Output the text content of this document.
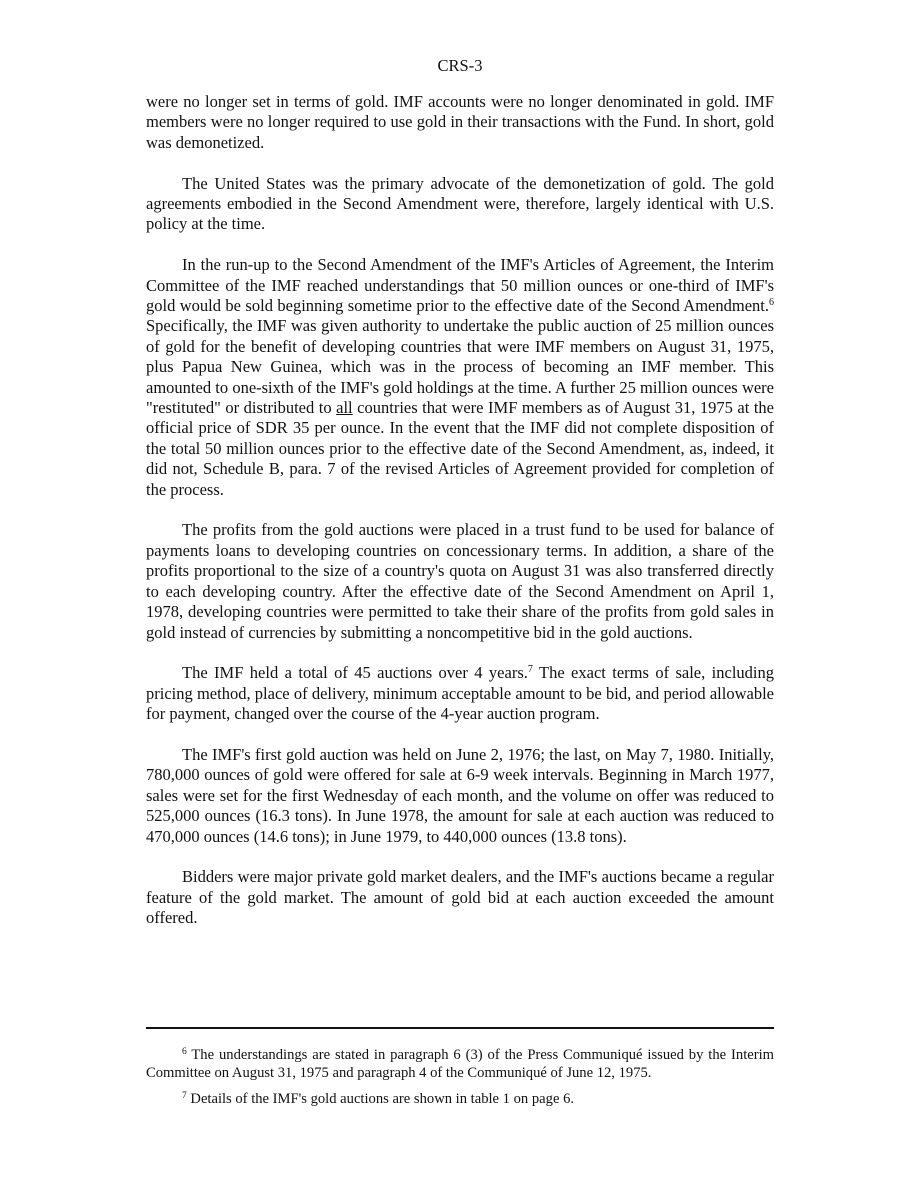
CRS-3

were no longer set in terms of gold. IMF accounts were no longer denominated in gold. IMF members were no longer required to use gold in their transactions with the Fund. In short, gold was demonetized.

The United States was the primary advocate of the demonetization of gold. The gold agreements embodied in the Second Amendment were, therefore, largely identical with U.S. policy at the time.

In the run-up to the Second Amendment of the IMF's Articles of Agreement, the Interim Committee of the IMF reached understandings that 50 million ounces or one-third of IMF's gold would be sold beginning sometime prior to the effective date of the Second Amendment.$^6$ Specifically, the IMF was given authority to undertake the public auction of 25 million ounces of gold for the benefit of developing countries that were IMF members on August 31, 1975, plus Papua New Guinea, which was in the process of becoming an IMF member. This amounted to one-sixth of the IMF's gold holdings at the time. A further 25 million ounces were "restituted" or distributed to all countries that were IMF members as of August 31, 1975 at the official price of SDR 35 per ounce. In the event that the IMF did not complete disposition of the total 50 million ounces prior to the effective date of the Second Amendment, as, indeed, it did not, Schedule B, para. 7 of the revised Articles of Agreement provided for completion of the process.

The profits from the gold auctions were placed in a trust fund to be used for balance of payments loans to developing countries on concessionary terms. In addition, a share of the profits proportional to the size of a country's quota on August 31 was also transferred directly to each developing country. After the effective date of the Second Amendment on April 1, 1978, developing countries were permitted to take their share of the profits from gold sales in gold instead of currencies by submitting a noncompetitive bid in the gold auctions.

The IMF held a total of 45 auctions over 4 years.$^7$ The exact terms of sale, including pricing method, place of delivery, minimum acceptable amount to be bid, and period allowable for payment, changed over the course of the 4-year auction program.

The IMF's first gold auction was held on June 2, 1976; the last, on May 7, 1980. Initially, 780,000 ounces of gold were offered for sale at 6-9 week intervals. Beginning in March 1977, sales were set for the first Wednesday of each month, and the volume on offer was reduced to 525,000 ounces (16.3 tons). In June 1978, the amount for sale at each auction was reduced to 470,000 ounces (14.6 tons); in June 1979, to 440,000 ounces (13.8 tons).

Bidders were major private gold market dealers, and the IMF's auctions became a regular feature of the gold market. The amount of gold bid at each auction exceeded the amount offered.

$^6$ The understandings are stated in paragraph 6 (3) of the Press Communiqué issued by the Interim Committee on August 31, 1975 and paragraph 4 of the Communiqué of June 12, 1975.

$^7$ Details of the IMF's gold auctions are shown in table 1 on page 6.
